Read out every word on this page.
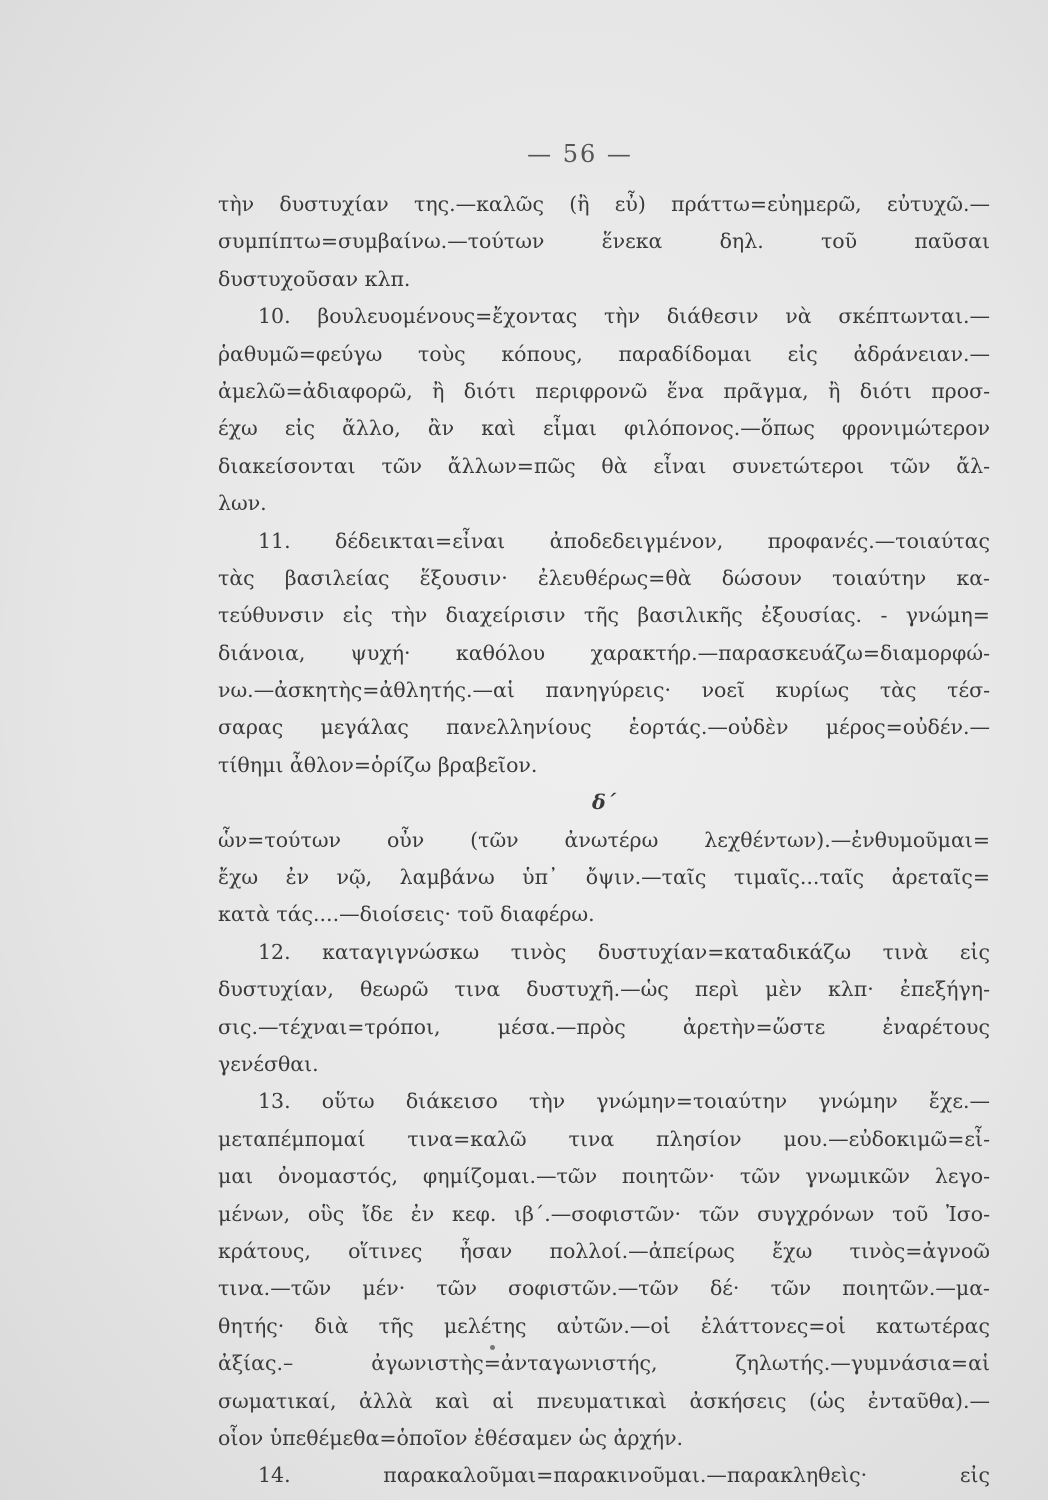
— 56 —
τὴν δυστυχίαν της.—καλῶς (ἢ εὖ) πράττω=εὐημερῶ, εὐτυχῶ.—
συμπίπτω=συμβαίνω.—τούτων ἕνεκα δηλ. τοῦ παῦσαι
δυστυχοῦσαν κλπ.
10. βουλευομένους=ἔχοντας τὴν διάθεσιν νὰ σκέπτωνται.—
ῥαθυμῶ=φεύγω τοὺς κόπους, παραδίδομαι εἰς ἀδράνειαν.—
ἀμελῶ=ἀδιαφορῶ, ἢ διότι περιφρονῶ ἕνα πρᾶγμα, ἢ διότι προσ-
έχω εἰς ἄλλο, ἂν καὶ εἶμαι φιλόπονος.—ὅπως φρονιμώτερον
διακείσονται τῶν ἄλλων=πῶς θὰ εἶναι συνετώτεροι τῶν ἄλ-
λων.
11. δέδεικται=εἶναι ἀποδεδειγμένον, προφανές.—τοιαύτας
τὰς βασιλείας ἕξουσιν· ἐλευθέρως=θὰ δώσουν τοιαύτην κα-
τεύθυνσιν εἰς τὴν διαχείρισιν τῆς βασιλικῆς ἐξουσίας. - γνώμη=
διάνοια, ψυχή· καθόλου χαρακτήρ.—παρασκευάζω=διαμορφώ-
νω.—ἀσκητὴς=ἀθλητής.—αἱ πανηγύρεις· νοεῖ κυρίως τὰς τέσ-
σαρας μεγάλας πανελληνίους ἑορτάς.—οὐδὲν μέρος=οὐδέν.—
τίθημι ἆθλον=ὁρίζω βραβεῖον.
δ΄
ὧν=τούτων οὖν (τῶν ἀνωτέρω λεχθέντων).—ἐνθυμοῦμαι=
ἔχω ἐν νῷ, λαμβάνω ὑπ᾽ ὄψιν.—ταῖς τιμαῖς...ταῖς ἀρεταῖς=
κατὰ τάς....—διοίσεις· τοῦ διαφέρω.
12. καταγιγνώσκω τινὸς δυστυχίαν=καταδικάζω τινὰ εἰς
δυστυχίαν, θεωρῶ τινα δυστυχῆ.—ὡς περὶ μὲν κλπ· ἐπεξήγη-
σις.—τέχναι=τρόποι, μέσα.—πρὸς ἀρετὴν=ὥστε ἐναρέτους
γενέσθαι.
13. οὕτω διάκεισο τὴν γνώμην=τοιαύτην γνώμην ἔχε.—
μεταπέμπομαί τινα=καλῶ τινα πλησίον μου.—εὐδοκιμῶ=εἶ-
μαι ὀνομαστός, φημίζομαι.—τῶν ποιητῶν· τῶν γνωμικῶν λεγο-
μένων, οὓς ἴδε ἐν κεφ. ιβ΄.—σοφιστῶν· τῶν συγχρόνων τοῦ Ἰσο-
κράτους, οἵτινες ἦσαν πολλοί.—ἀπείρως ἔχω τινὸς=ἀγνοῶ
τινα.—τῶν μέν· τῶν σοφιστῶν.—τῶν δέ· τῶν ποιητῶν.—μα-
θητής· διὰ τῆς μελέτης αὐτῶν.—οἱ ἐλάττονες=οἱ κατωτέρας
ἀξίας.– ἀγωνιστὴς=ἀνταγωνιστής, ζηλωτής.—γυμνάσια=αἱ
σωματικαί, ἀλλὰ καὶ αἱ πνευματικαὶ ἀσκήσεις (ὡς ἐνταῦθα).—
οἷον ὑπεθέμεθα=ὁποῖον ἐθέσαμεν ὡς ἀρχήν.
14. παρακαλοῦμαι=παρακινοῦμαι.—παρακληθεὶς· εἰς
